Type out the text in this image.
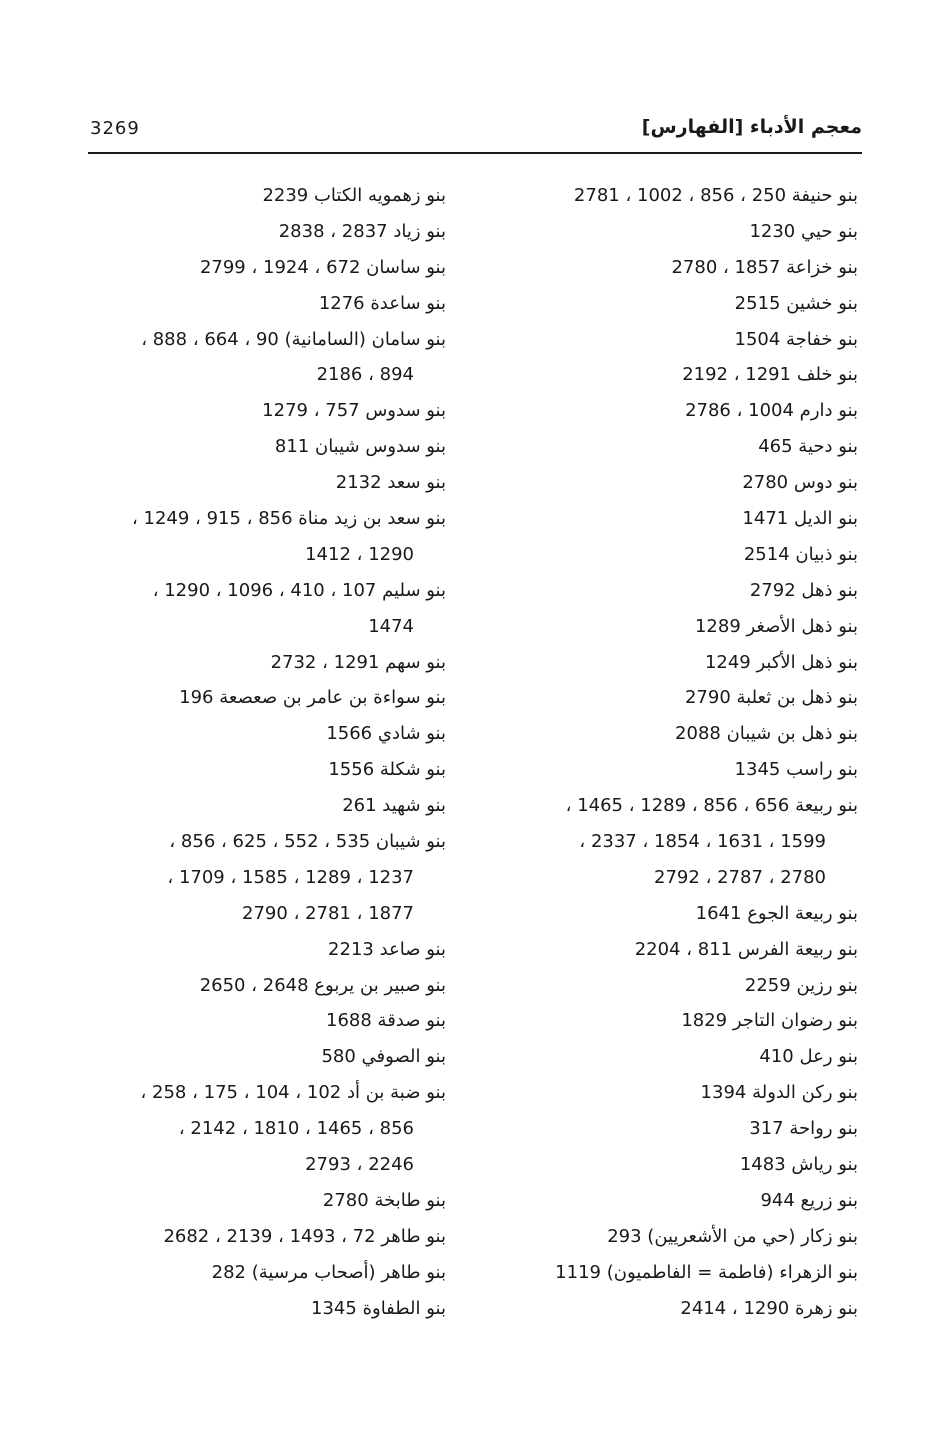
3269	معجم الأدباء [الفهارس]
بنو حنيفة 250 ، 856 ، 1002 ، 2781
بنو حيي 1230
بنو خزاعة 1857 ، 2780
بنو خشين 2515
بنو خفاجة 1504
بنو خلف 1291 ، 2192
بنو دارم 1004 ، 2786
بنو دحية 465
بنو دوس 2780
بنو الديل 1471
بنو ذبيان 2514
بنو ذهل 2792
بنو ذهل الأصغر 1289
بنو ذهل الأكبر 1249
بنو ذهل بن ثعلبة 2790
بنو ذهل بن شيبان 2088
بنو راسب 1345
بنو ربيعة 656 ، 856 ، 1289 ، 1465 ،
1599 ، 1631 ، 1854 ، 2337 ،
2780 ، 2787 ، 2792
بنو ربيعة الجوع 1641
بنو ربيعة الفرس 811 ، 2204
بنو رزين 2259
بنو رضوان التاجر 1829
بنو رعل 410
بنو ركن الدولة 1394
بنو رواحة 317
بنو رياش 1483
بنو زريع 944
بنو زكار (حي من الأشعريين) 293
بنو الزهراء (فاطمة = الفاطميون) 1119
بنو زهرة 1290 ، 2414
بنو زهمويه الكتاب 2239
بنو زياد 2837 ، 2838
بنو ساسان 672 ، 1924 ، 2799
بنو ساعدة 1276
بنو سامان (السامانية) 90 ، 664 ، 888 ،
894 ، 2186
بنو سدوس 757 ، 1279
بنو سدوس شيبان 811
بنو سعد 2132
بنو سعد بن زيد مناة 856 ، 915 ، 1249 ،
1290 ، 1412
بنو سليم 107 ، 410 ، 1096 ، 1290 ،
1474
بنو سهم 1291 ، 2732
بنو سواءة بن عامر بن صعصعة 196
بنو شادي 1566
بنو شكلة 1556
بنو شهيد 261
بنو شيبان 535 ، 552 ، 625 ، 856 ،
1237 ، 1289 ، 1585 ، 1709 ،
1877 ، 2781 ، 2790
بنو صاعد 2213
بنو صبير بن يربوع 2648 ، 2650
بنو صدقة 1688
بنو الصوفي 580
بنو ضبة بن أد 102 ، 104 ، 175 ، 258 ،
856 ، 1465 ، 1810 ، 2142 ،
2246 ، 2793
بنو طابخة 2780
بنو طاهر 72 ، 1493 ، 2139 ، 2682
بنو طاهر (أصحاب مرسية) 282
بنو الطفاوة 1345
